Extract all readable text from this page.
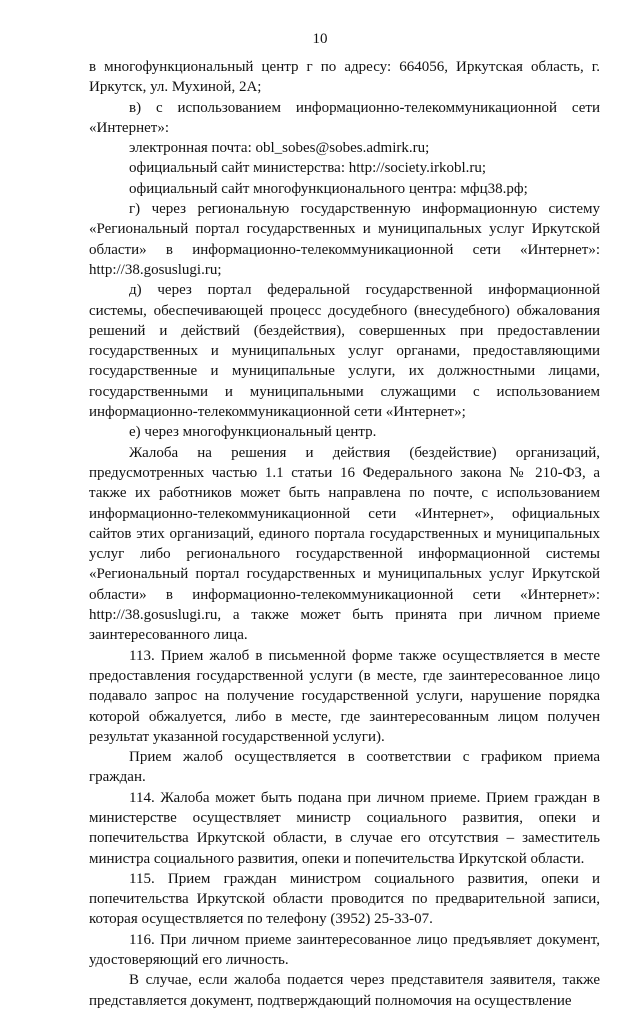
10

в многофункциональный центр г по адресу: 664056, Иркутская область, г. Иркутск, ул. Мухиной, 2А;

в) с использованием информационно-телекоммуникационной сети «Интернет»:

электронная почта: obl_sobes@sobes.admirk.ru;

официальный сайт министерства: http://society.irkobl.ru;

официальный сайт многофункционального центра: мфц38.рф;

г) через региональную государственную информационную систему «Региональный портал государственных и муниципальных услуг Иркутской области» в информационно-телекоммуникационной сети «Интернет»: http://38.gosuslugi.ru;

д) через портал федеральной государственной информационной системы, обеспечивающей процесс досудебного (внесудебного) обжалования решений и действий (бездействия), совершенных при предоставлении государственных и муниципальных услуг органами, предоставляющими государственные и муниципальные услуги, их должностными лицами, государственными и муниципальными служащими с использованием информационно-телекоммуникационной сети «Интернет»;

е) через многофункциональный центр.

Жалоба на решения и действия (бездействие) организаций, предусмотренных частью 1.1 статьи 16 Федерального закона № 210-ФЗ, а также их работников может быть направлена по почте, с использованием информационно-телекоммуникационной сети «Интернет», официальных сайтов этих организаций, единого портала государственных и муниципальных услуг либо регионального государственной информационной системы «Региональный портал государственных и муниципальных услуг Иркутской области» в информационно-телекоммуникационной сети «Интернет»: http://38.gosuslugi.ru, а также может быть принята при личном приеме заинтересованного лица.

113. Прием жалоб в письменной форме также осуществляется в месте предоставления государственной услуги (в месте, где заинтересованное лицо подавало запрос на получение государственной услуги, нарушение порядка которой обжалуется, либо в месте, где заинтересованным лицом получен результат указанной государственной услуги).

Прием жалоб осуществляется в соответствии с графиком приема граждан.

114. Жалоба может быть подана при личном приеме. Прием граждан в министерстве осуществляет министр социального развития, опеки и попечительства Иркутской области, в случае его отсутствия – заместитель министра социального развития, опеки и попечительства Иркутской области.

115. Прием граждан министром социального развития, опеки и попечительства Иркутской области проводится по предварительной записи, которая осуществляется по телефону (3952) 25-33-07.

116. При личном приеме заинтересованное лицо предъявляет документ, удостоверяющий его личность.

В случае, если жалоба подается через представителя заявителя, также представляется документ, подтверждающий полномочия на осуществление
